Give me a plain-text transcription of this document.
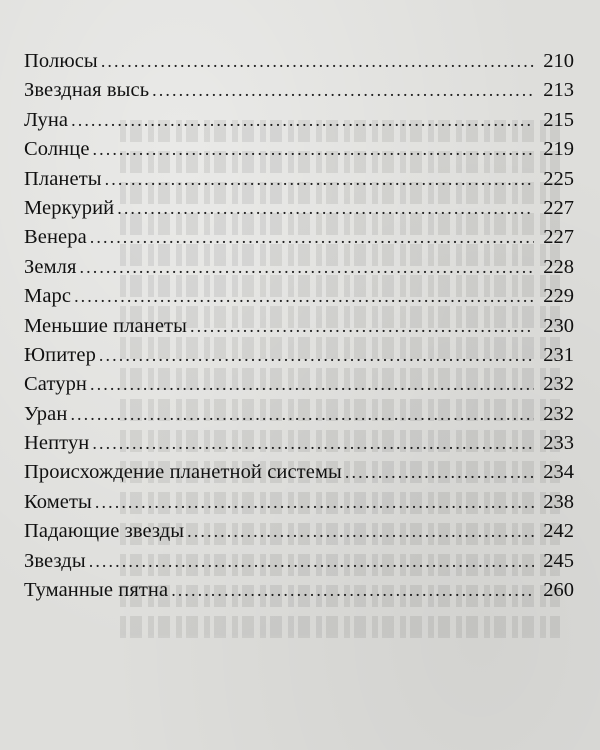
Полюсы . . .	210
Звездная высь . . .	213
Луна . . .	215
Солнце . . .	219
Планеты . . .	225
Меркурий . . .	227
Венера . . .	227
Земля . . .	228
Марс . . .	229
Меньшие планеты . . .	230
Юпитер . . .	231
Сатурн . . .	232
Уран . . .	232
Нептун . . .	233
Происхождение планетной системы . . .	234
Кометы . . .	238
Падающие звезды . . .	242
Звезды . . .	245
Туманные пятна . . .	260
